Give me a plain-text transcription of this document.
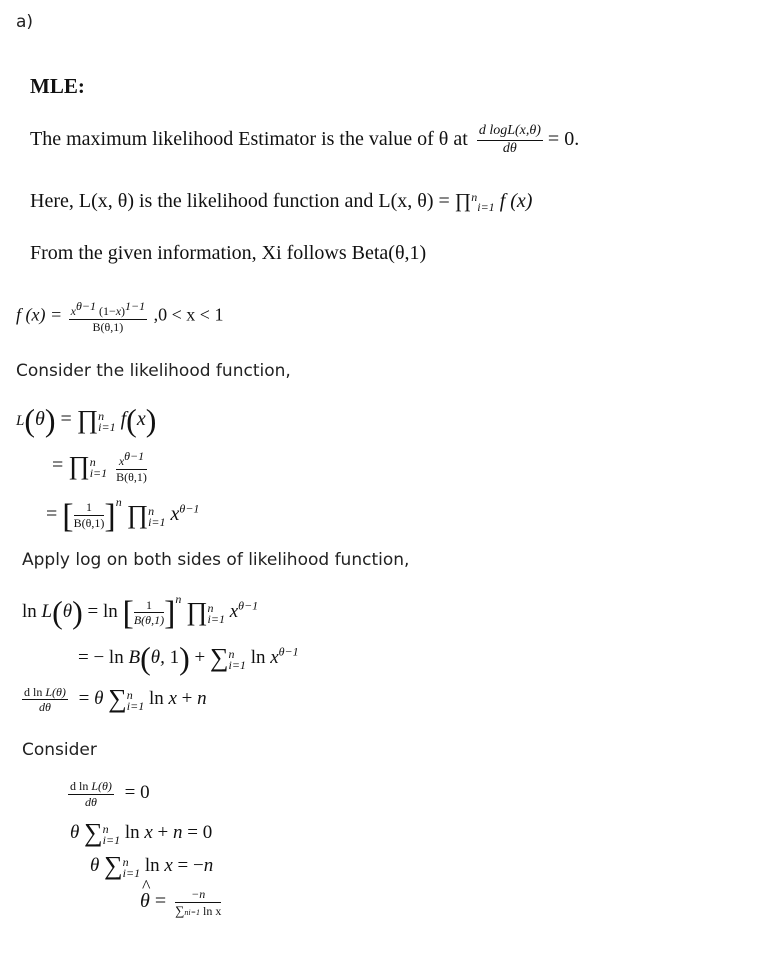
a)
MLE:
The maximum likelihood Estimator is the value of θ at $\frac{\text{d logL(x,θ)}}{d\theta} = 0$.
Here, L(x, θ) is the likelihood function and L(x, $\theta) = \prod_{^ni=1}$ f (x)
From the given information, Xi follows Beta(θ,1)
f $(x) = \frac{x^{\theta-1} (1-x)^{1-1}}{B(\theta,1)} ,0 < x < 1$
Consider the likelihood function,
L(θ) = ∏ n
i=1 f(x)
= ∏ n
i=1
$\frac{x^{\theta-1}}{B(\theta,1)}$
= [ $\frac{1}{B(\theta,1)} ]^n$ ∏ n
i=1 $x^{\theta-1}$
Apply log on both sides of likelihood function,
ln L(θ) = ln [ $\frac{1}{B(\theta,1)} ]^n$ ∏ n
i=1 $x^{\theta-1}$
= − ln B(θ, 1) + ∑ n
i=1 $\ln x^{\theta-1}$
$\frac{\text{d ln L(θ)}}{d\theta} = \theta$ ∑ n
i=1 ln x + n
Consider
$\frac{\text{d ln L(θ)}}{d\theta} = 0$
θ ∑ n
i=1 ln x + n = 0
θ ∑ n
i=1 ln x = −n
^ $\theta = \frac{-n}{\text{∑ni=1 ln x}}$
